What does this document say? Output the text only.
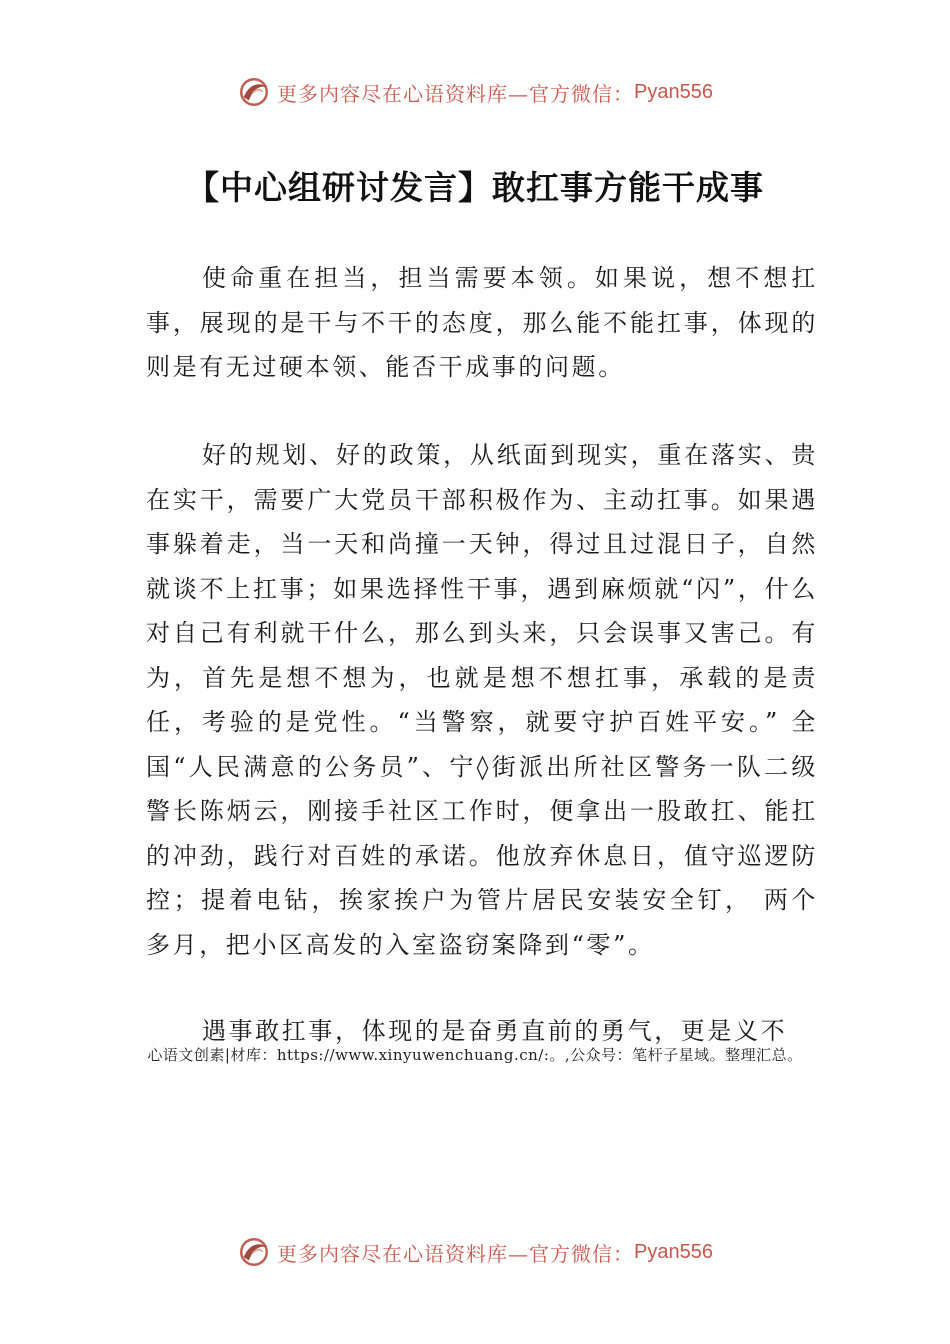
更多内容尽在心语资料库—官方微信： Pyan556
【中心组研讨发言】敢扛事方能干成事

使命重在担当，担当需要本领。如果说，想不想扛事，展现的是干与不干的态度，那么能不能扛事，体现的则是有无过硬本领、能否干成事的问题。

好的规划、好的政策，从纸面到现实，重在落实、贵在实干，需要广大党员干部积极作为、主动扛事。如果遇事躲着走，当一天和尚撞一天钟，得过且过混日子，自然就谈不上扛事；如果选择性干事，遇到麻烦就“闪”，什么对自己有利就干什么，那么到头来，只会误事又害己。有为，首先是想不想为，也就是想不想扛事，承载的是责任，考验的是党性。“当警察，就要守护百姓平安。” 全国“人民满意的公务员”、宁◊街派出所社区警务一队二级警长陈炳云，刚接手社区工作时，便拿出一股敢扛、能扛的冲劲，践行对百姓的承诺。他放弃休息日，值守巡逻防控；提着电钻，挨家挨户为管片居民安装安全钉， 两个多月，把小区高发的入室盗窃案降到“零”。

遇事敢扛事，体现的是奋勇直前的勇气，更是义不

心语文创素|材库：https://www.xinyuwenchuang.cn/:。,公众号：笔杆子星域。整理汇总。
更多内容尽在心语资料库—官方微信： Pyan556
